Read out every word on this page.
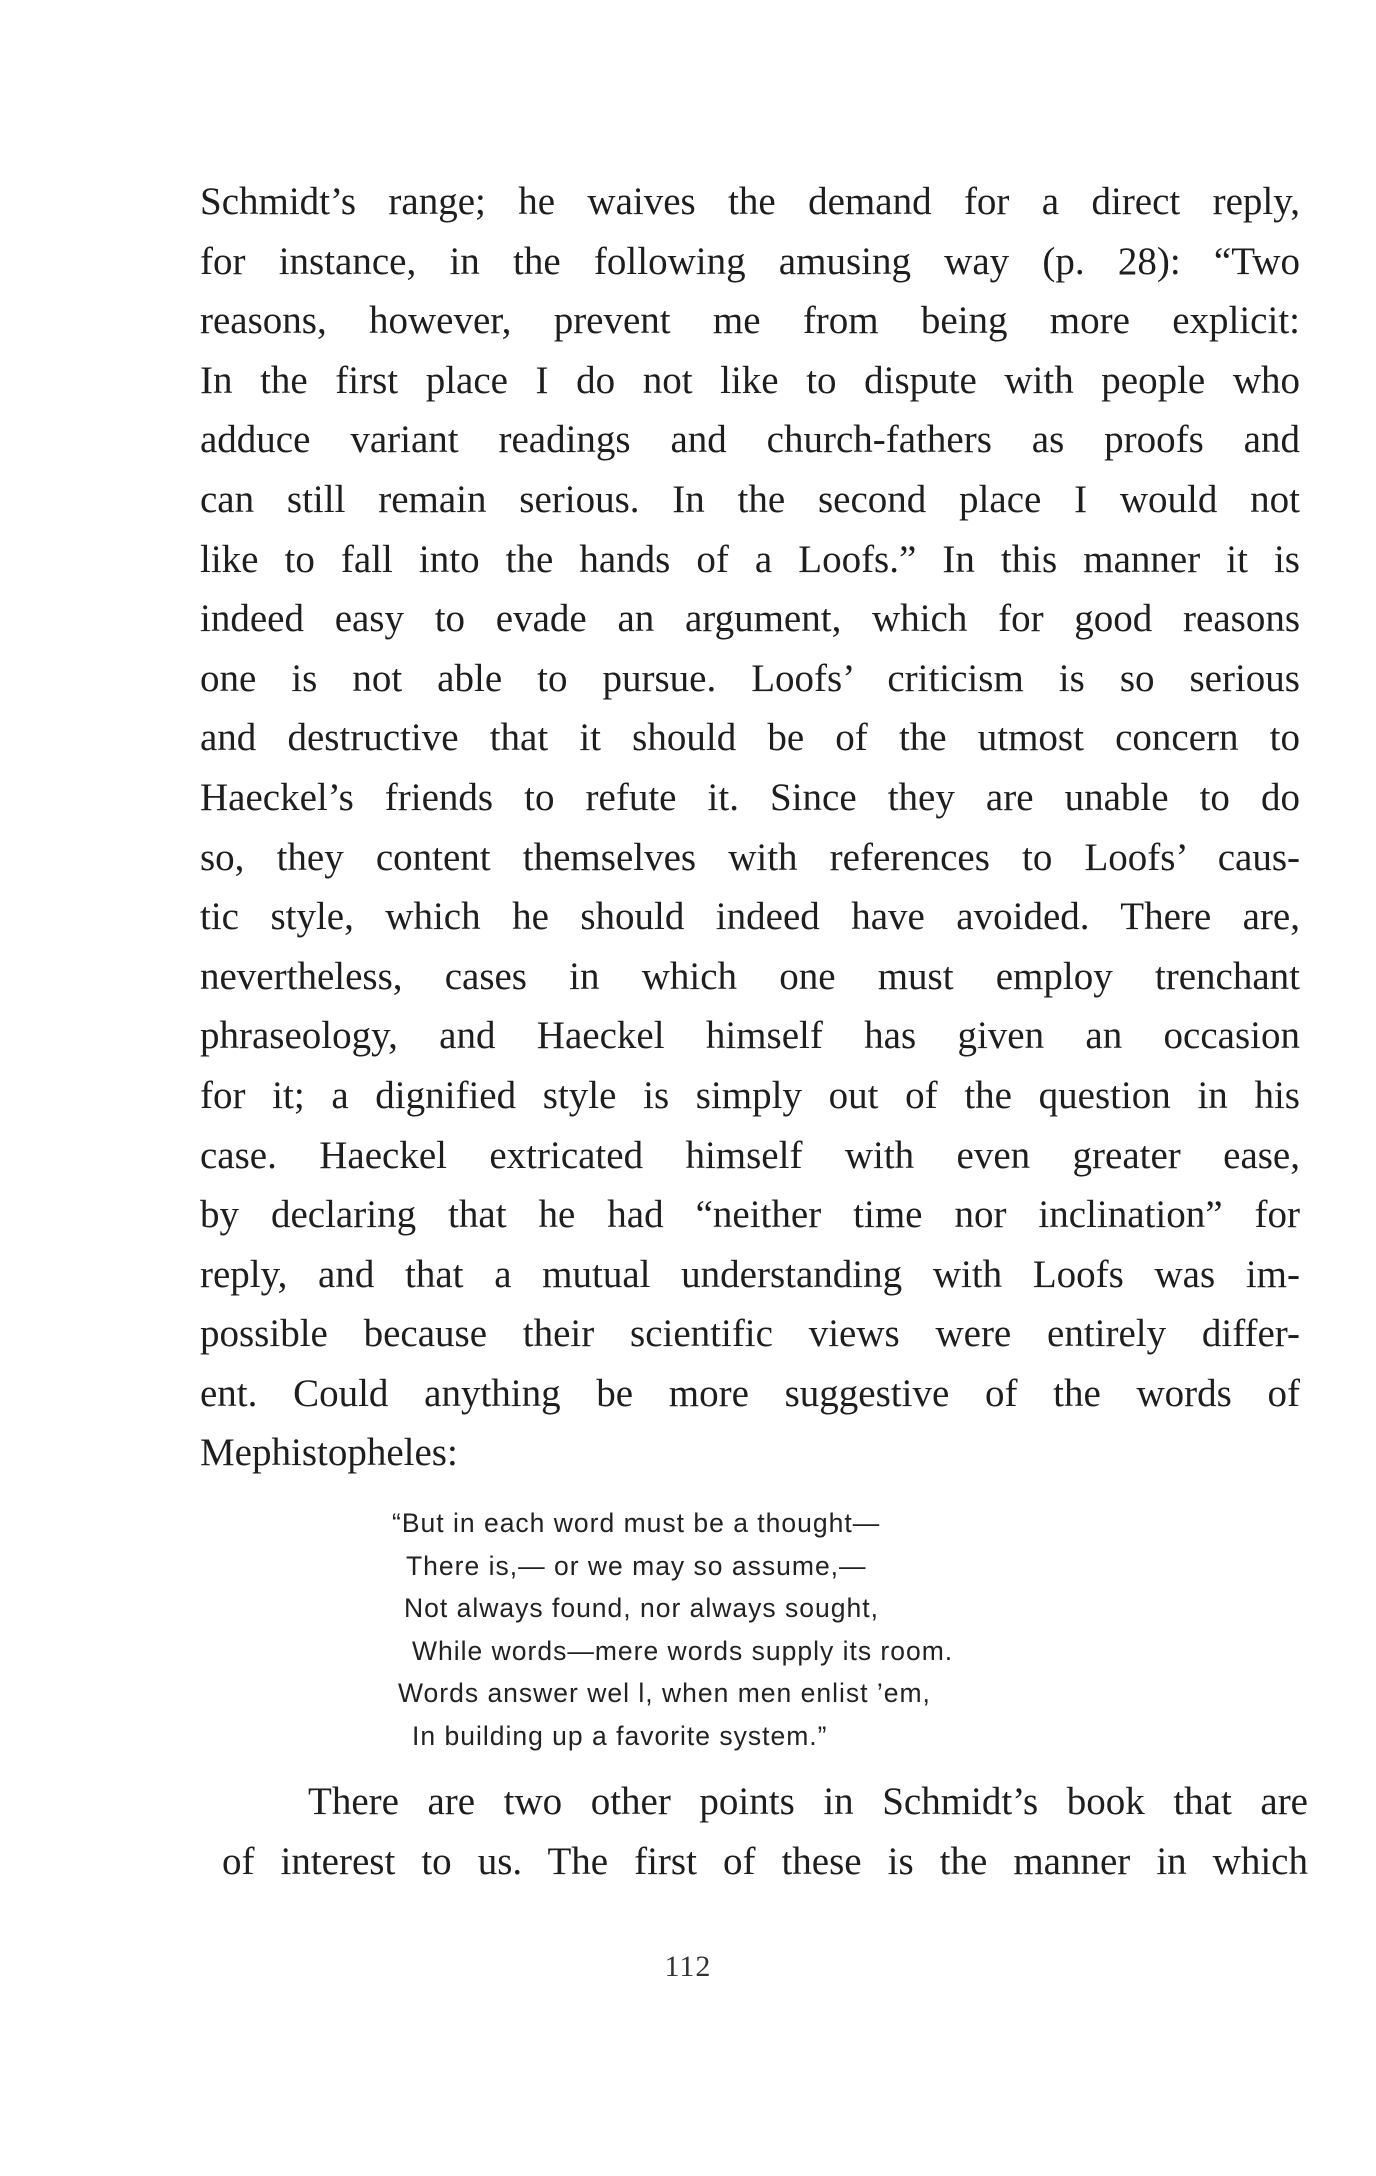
Schmidt’s range; he waives the demand for a direct reply,
for instance, in the following amusing way (p. 28): “Two
reasons, however, prevent me from being more explicit:
In the first place I do not like to dispute with people who
adduce variant readings and church-fathers as proofs and
can still remain serious. In the second place I would not
like to fall into the hands of a Loofs.” In this manner it is
indeed easy to evade an argument, which for good reasons
one is not able to pursue. Loofs’ criticism is so serious
and destructive that it should be of the utmost concern to
Haeckel’s friends to refute it. Since they are unable to do
so, they content themselves with references to Loofs’ caus-
tic style, which he should indeed have avoided. There are,
nevertheless, cases in which one must employ trenchant
phraseology, and Haeckel himself has given an occasion
for it; a dignified style is simply out of the question in his
case. Haeckel extricated himself with even greater ease,
by declaring that he had “neither time nor inclination” for
reply, and that a mutual understanding with Loofs was im-
possible because their scientific views were entirely differ-
ent. Could anything be more suggestive of the words of
Mephistopheles:
“But in each word must be a thought—
There is,— or we may so assume,—
Not always found, nor always sought,
While words—mere words supply its room.
Words answer wel l, when men enlist ’em,
In building up a favorite system.”
There are two other points in Schmidt’s book that are
of interest to us. The first of these is the manner in which
112
